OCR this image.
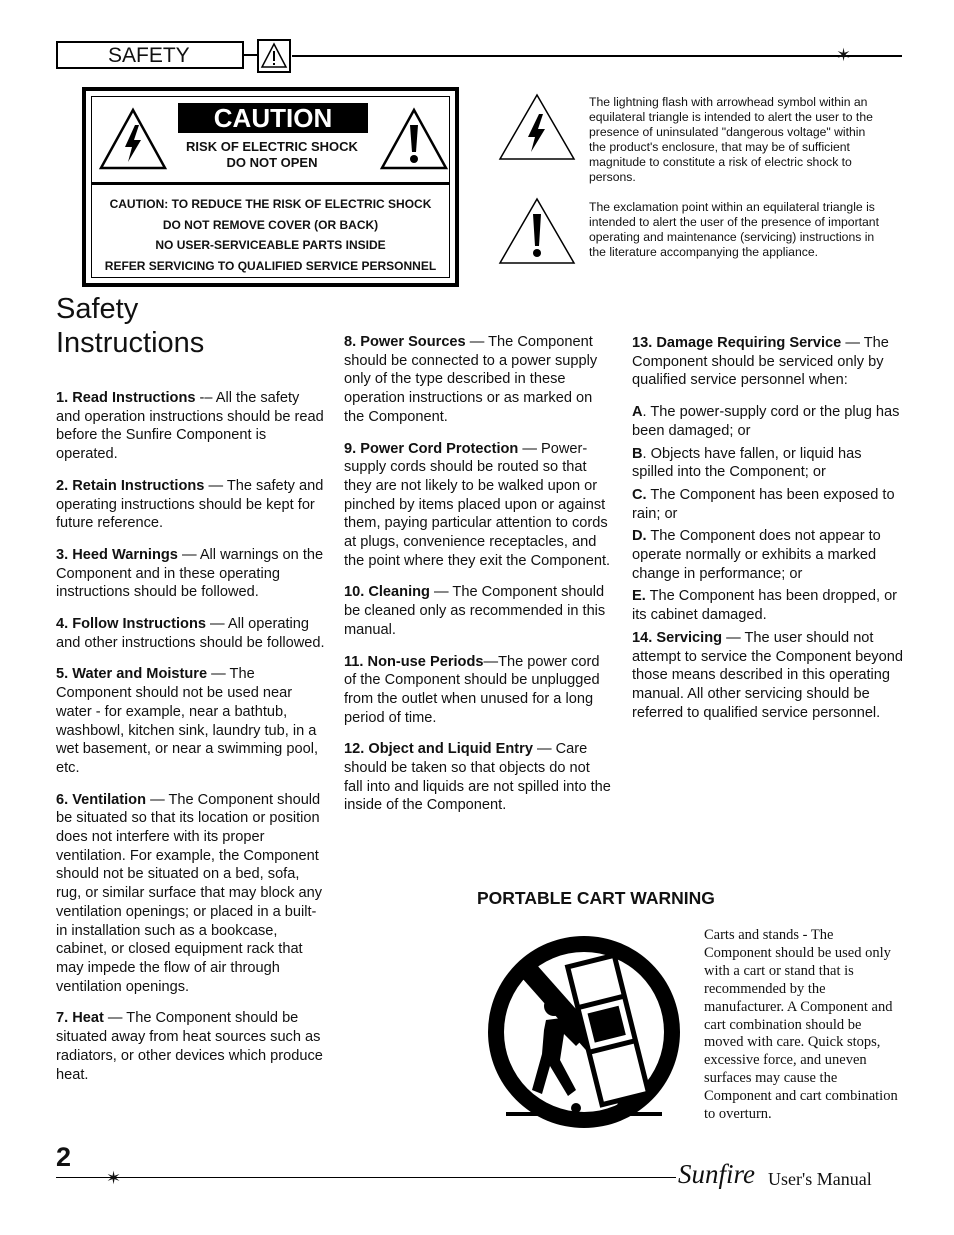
SAFETY	✶
CAUTION
RISK OF ELECTRIC SHOCK
DO NOT OPEN
CAUTION: TO REDUCE THE RISK OF ELECTRIC SHOCK
DO NOT REMOVE COVER (OR BACK)
NO USER-SERVICEABLE PARTS INSIDE
REFER SERVICING TO QUALIFIED SERVICE PERSONNEL
The lightning flash with arrowhead symbol within an equilateral triangle is intended to alert the user to the presence of uninsulated "dangerous voltage" within the product's enclosure, that may be of sufficient magnitude to constitute a risk of electric shock to persons.
The exclamation point within an equilateral triangle is intended to alert the user of the presence of important operating and maintenance (servicing) instructions in the literature accompanying the appliance.
Safety
Instructions

1. Read Instructions -– All the safety and operation instructions should be read before the Sunfire Component is operated.

2. Retain Instructions — The safety and operating instructions should be kept for future reference.

3. Heed Warnings — All warnings on the Component and in these operating instructions should be followed.

4. Follow Instructions — All operating and other instructions should be followed.

5. Water and Moisture — The Component should not be used near water - for example, near a bathtub, washbowl, kitchen sink, laundry tub, in a wet basement, or near a swimming pool, etc.

6. Ventilation — The Component should be situated so that its location or position does not interfere with its proper ventilation. For example, the Component should not be situated on a bed, sofa, rug, or similar surface that may block any ventilation openings; or placed in a built-in installation such as a bookcase, cabinet, or closed equipment rack that may impede the flow of air through ventilation openings.

7. Heat — The Component should be situated away from heat sources such as radiators, or other devices which produce heat.

8. Power Sources — The Component should be connected to a power supply only of the type described in these operation instructions or as marked on the Component.

9. Power Cord Protection — Power-supply cords should be routed so that they are not likely to be walked upon or pinched by items placed upon or against them, paying particular attention to cords at plugs, convenience receptacles, and the point where they exit the Component.

10. Cleaning — The Component should be cleaned only as recommended in this manual.

11. Non-use Periods—The power cord of the Component should be unplugged from the outlet when unused for a long period of time.

12. Object and Liquid Entry — Care should be taken so that objects do not fall into and liquids are not spilled into the inside of the Component.

13. Damage Requiring Service — The Component should be serviced only by qualified service personnel when:

A. The power-supply cord or the plug has been damaged; or

B. Objects have fallen, or liquid has spilled into the Component; or

C. The Component has been exposed to rain; or

D. The Component does not appear to operate normally or exhibits a marked change in performance; or

E. The Component has been dropped, or its cabinet damaged.

14. Servicing — The user should not attempt to service the Component beyond those means described in this operating manual. All other servicing should be referred to qualified service personnel.

PORTABLE CART WARNING
Carts and stands - The Component should be used only with a cart or stand that is recommended by the manufacturer. A Component and cart combination should be moved with care. Quick stops, excessive force, and uneven surfaces may cause the Component and cart combination to overturn.
2
✶	Sunfire User's Manual
